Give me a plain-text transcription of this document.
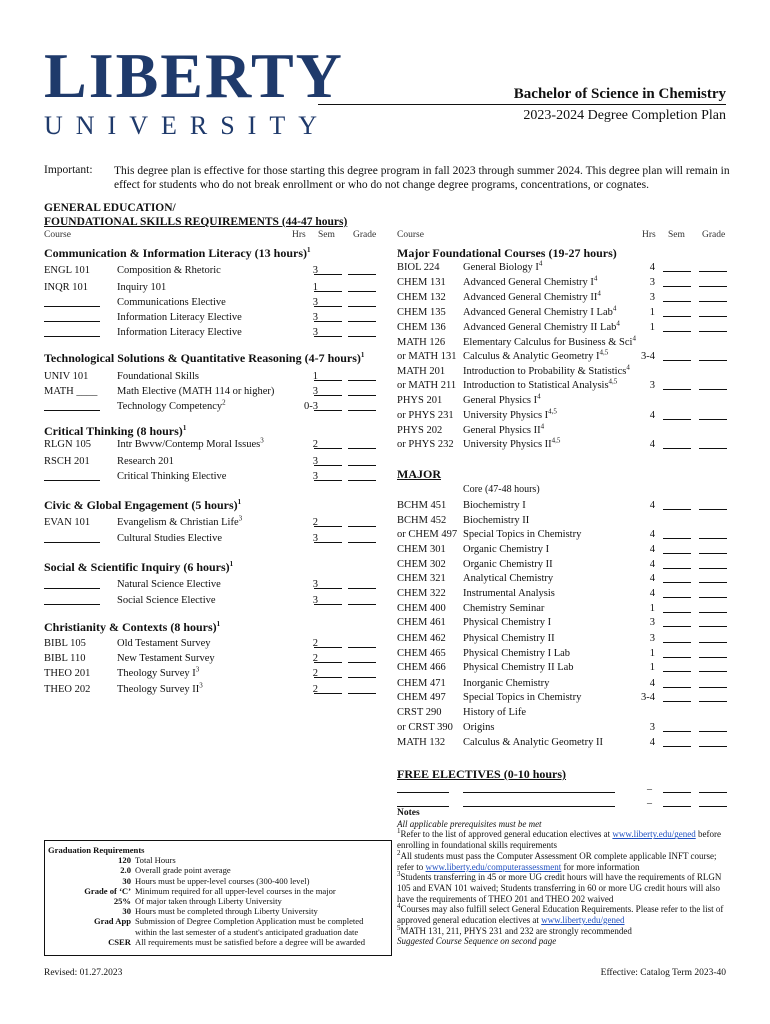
LIBERTY
UNIVERSITY
Bachelor of Science in Chemistry
2023-2024 Degree Completion Plan
Important: This degree plan is effective for those starting this degree program in fall 2023 through summer 2024. This degree plan will remain in effect for students who do not break enrollment or who do not change degree programs, concentrations, or cognates.
GENERAL EDUCATION/
FOUNDATIONAL SKILLS REQUIREMENTS (44-47 hours)
Course	Hrs Sem Grade Course	Hrs Sem Grade
Communication & Information Literacy (13 hours)$^1$
ENGL 101	Composition & Rhetoric	3
INQR 101	Inquiry 101	1
Communications Elective	3
Information Literacy Elective	3
Information Literacy Elective	3
Technological Solutions & Quantitative Reasoning (4-7 hours)$^1$
UNIV 101	Foundational Skills	1
MATH ____ Math Elective (MATH 114 or higher)	3
Technology Competency$^2$	0-3
Critical Thinking (8 hours)$^1$
RLGN 105 Intr Bwvw/Contemp Moral Issues$^3$	2
RSCH 201	Research 201	3
Critical Thinking Elective	3
Civic & Global Engagement (5 hours)$^1$
EVAN 101	Evangelism & Christian Life$^3$	2
Cultural Studies Elective	3
Social & Scientific Inquiry (6 hours)$^1$
Natural Science Elective	3
Social Science Elective	3
Christianity & Contexts (8 hours)$^1$
BIBL 105	Old Testament Survey	2
BIBL 110	New Testament Survey	2
THEO 201	Theology Survey $I^3$	2
THEO 202	Theology Survey $II^3$	2
Major Foundational Courses (19-27 hours)
BIOL 224 General Biology $I^4$	4
CHEM 131 Advanced General Chemistry $I^4$	3
CHEM 132 Advanced General Chemistry $II^4$	3
CHEM 135 Advanced General Chemistry I Lab$^4$	1
CHEM 136 Advanced General Chemistry II Lab$^4$	1
MATH 126 Elementary Calculus for Business & Sci$^4$
or MATH 131 Calculus & Analytic Geometry I$^{4,5}$	3-4
MATH 201 Introduction to Probability & Statistics$^4$
or MATH 211 Introduction to Statistical Analysis$^{4,5}$	3
PHYS 201 General Physics $I^4$
or PHYS 231 University Physics I$^{4,5}$	4
PHYS 202 General Physics $II^4$
or PHYS 232 University Physics II$^{4,5}$	4
MAJOR
Core (47-48 hours)
BCHM 451 Biochemistry I	4
BCHM 452 Biochemistry II
or CHEM 497 Special Topics in Chemistry	4
CHEM 301 Organic Chemistry I	4
CHEM 302 Organic Chemistry II	4
CHEM 321 Analytical Chemistry	4
CHEM 322 Instrumental Analysis	4
CHEM 400 Chemistry Seminar	1
CHEM 461 Physical Chemistry I	3
CHEM 462 Physical Chemistry II	3
CHEM 465 Physical Chemistry I Lab	1
CHEM 466 Physical Chemistry II Lab	1
CHEM 471 Inorganic Chemistry	4
CHEM 497 Special Topics in Chemistry	3-4
CRST 290 History of Life
or CRST 390 Origins	3
MATH 132 Calculus & Analytic Geometry II	4
FREE ELECTIVES (0-10 hours)
_
_
Notes
All applicable prerequisites must be met
$^1$Refer to the list of approved general education electives at www.liberty.edu/gened before enrolling in foundational skills requirements
$^2$All students must pass the Computer Assessment OR complete applicable INFT course; refer to www.liberty.edu/computerassessment for more information
$^3$Students transferring in 45 or more UG credit hours will have the requirements of RLGN 105 and EVAN 101 waived; Students transferring in 60 or more UG credit hours will also have the requirements of THEO 201 and THEO 202 waived
$^4$Courses may also fulfill select General Education Requirements. Please refer to the list of approved general education electives at www.liberty.edu/gened
$^5$MATH 131, 211, PHYS 231 and 232 are strongly recommended
Suggested Course Sequence on second page
Graduation Requirements
120 Total Hours
2.0 Overall grade point average
30 Hours must be upper-level courses (300-400 level)
Grade of ‘C’ Minimum required for all upper-level courses in the major
25% Of major taken through Liberty University
30 Hours must be completed through Liberty University
Grad App Submission of Degree Completion Application must be completed
within the last semester of a student's anticipated graduation date
CSER All requirements must be satisfied before a degree will be awarded
Revised: 01.27.2023	Effective: Catalog Term 2023-40
